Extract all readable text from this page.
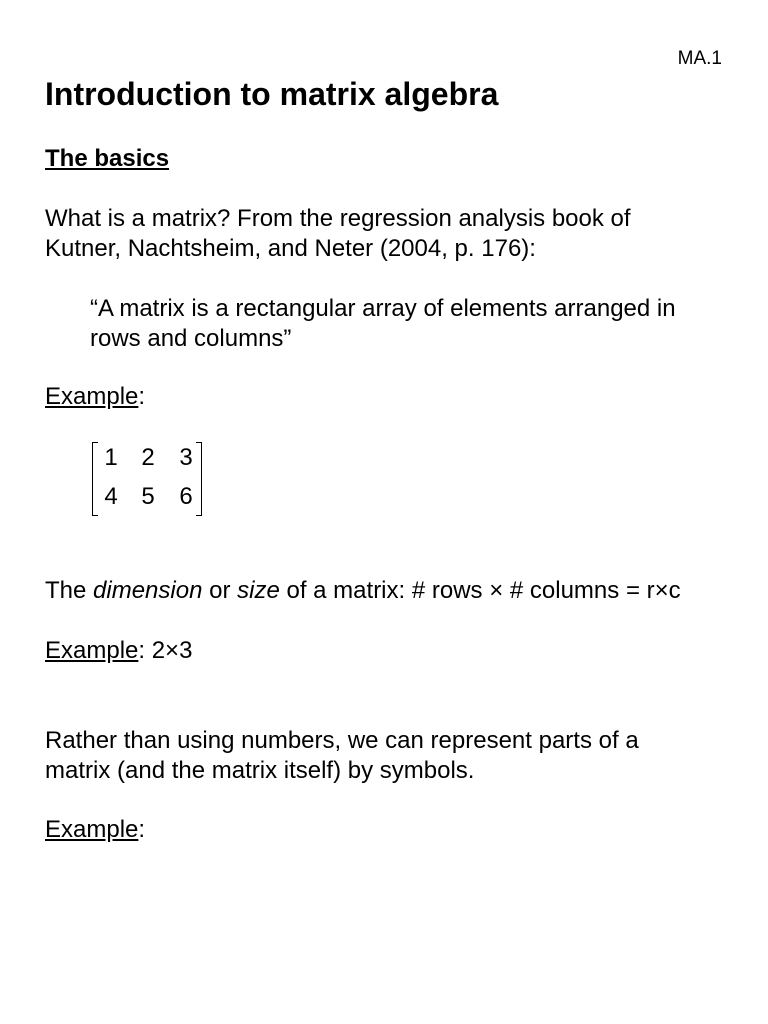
MA.1
Introduction to matrix algebra
The basics

What is a matrix? From the regression analysis book of
Kutner, Nachtsheim, and Neter (2004, p. 176):

“A matrix is a rectangular array of elements arranged in
rows and columns”

Example:

1 2 3
4 5 6

The dimension or size of a matrix: # rows × # columns = r×c

Example: 2×3

Rather than using numbers, we can represent parts of a
matrix (and the matrix itself) by symbols.

Example:
